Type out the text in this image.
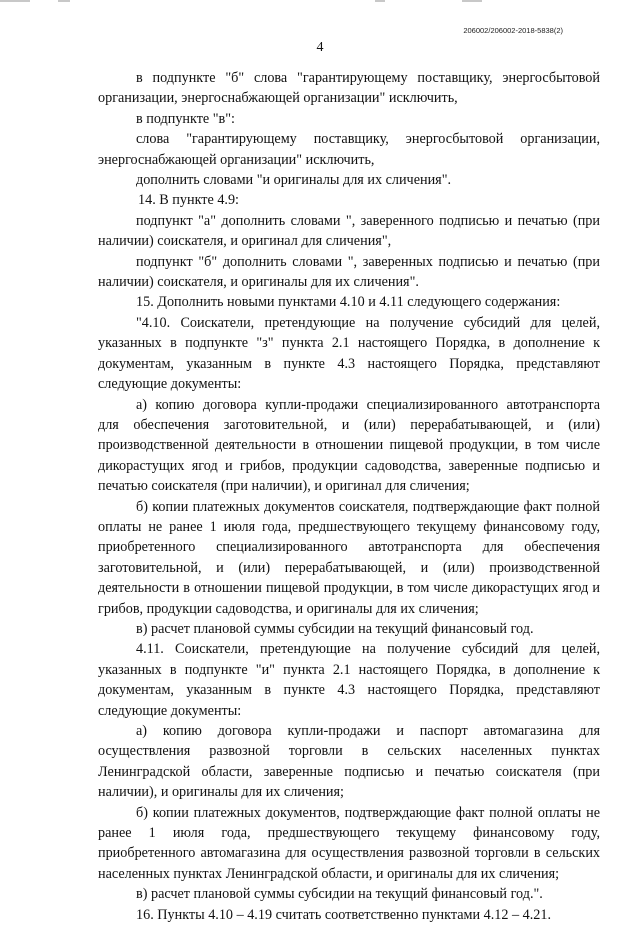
206002/206002-2018-5838(2)
4

в подпункте "б" слова "гарантирующему поставщику, энергосбытовой организации, энергоснабжающей организации" исключить,

в подпункте "в":

слова "гарантирующему поставщику, энергосбытовой организации, энергоснабжающей организации" исключить,

дополнить словами "и оригиналы для их сличения".

14. В пункте 4.9:

подпункт "а" дополнить словами ", заверенного подписью и печатью (при наличии) соискателя, и оригинал для сличения",

подпункт "б" дополнить словами ", заверенных подписью и печатью (при наличии) соискателя, и оригиналы для их сличения".

15. Дополнить новыми пунктами 4.10 и 4.11 следующего содержания:

"4.10. Соискатели, претендующие на получение субсидий для целей, указанных в подпункте "з" пункта 2.1 настоящего Порядка, в дополнение к документам, указанным в пункте 4.3 настоящего Порядка, представляют следующие документы:

а) копию договора купли-продажи специализированного автотранспорта для обеспечения заготовительной, и (или) перерабатывающей, и (или) производственной деятельности в отношении пищевой продукции, в том числе дикорастущих ягод и грибов, продукции садоводства, заверенные подписью и печатью соискателя (при наличии), и оригинал для сличения;

б) копии платежных документов соискателя, подтверждающие факт полной оплаты не ранее 1 июля года, предшествующего текущему финансовому году, приобретенного специализированного автотранспорта для обеспечения заготовительной, и (или) перерабатывающей, и (или) производственной деятельности в отношении пищевой продукции, в том числе дикорастущих ягод и грибов, продукции садоводства, и оригиналы для их сличения;

в) расчет плановой суммы субсидии на текущий финансовый год.

4.11. Соискатели, претендующие на получение субсидий для целей, указанных в подпункте "и" пункта 2.1 настоящего Порядка, в дополнение к документам, указанным в пункте 4.3 настоящего Порядка, представляют следующие документы:

а) копию договора купли-продажи и паспорт автомагазина для осуществления развозной торговли в сельских населенных пунктах Ленинградской области, заверенные подписью и печатью соискателя (при наличии), и оригиналы для их сличения;

б) копии платежных документов, подтверждающие факт полной оплаты не ранее 1 июля года, предшествующего текущему финансовому году, приобретенного автомагазина для осуществления развозной торговли в сельских населенных пунктах Ленинградской области, и оригиналы для их сличения;

в) расчет плановой суммы субсидии на текущий финансовый год.".

16. Пункты 4.10 – 4.19 считать соответственно пунктами 4.12 – 4.21.
